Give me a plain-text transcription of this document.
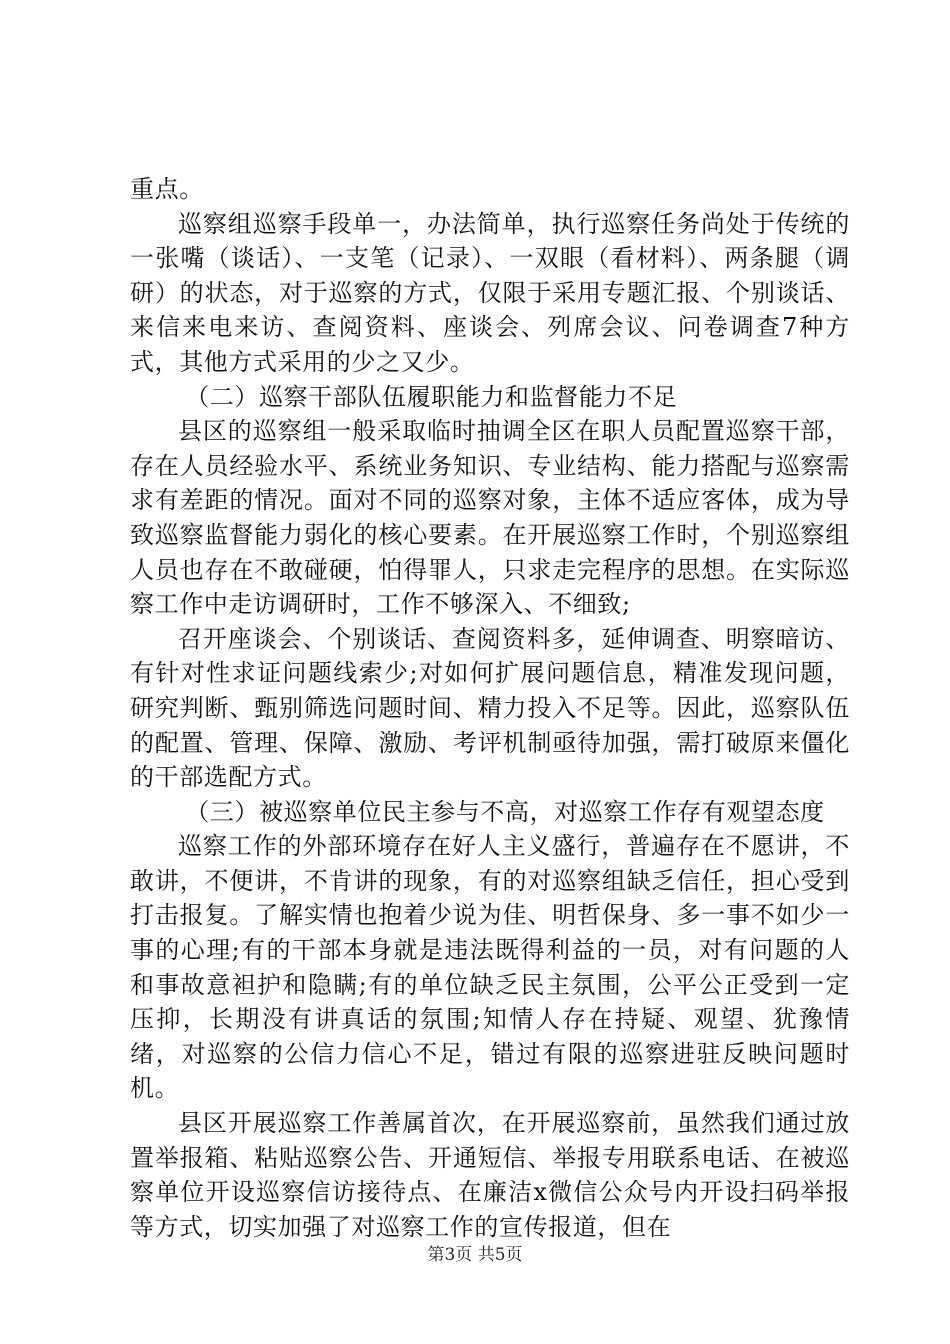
重点。

巡察组巡察手段单一，办法简单，执行巡察任务尚处于传统的一张嘴（谈话）、一支笔（记录）、一双眼（看材料）、两条腿（调研）的状态，对于巡察的方式，仅限于采用专题汇报、个别谈话、来信来电来访、查阅资料、座谈会、列席会议、问卷调查7种方式，其他方式采用的少之又少。

（二）巡察干部队伍履职能力和监督能力不足

县区的巡察组一般采取临时抽调全区在职人员配置巡察干部，存在人员经验水平、系统业务知识、专业结构、能力搭配与巡察需求有差距的情况。面对不同的巡察对象，主体不适应客体，成为导致巡察监督能力弱化的核心要素。在开展巡察工作时，个别巡察组人员也存在不敢碰硬，怕得罪人，只求走完程序的思想。在实际巡察工作中走访调研时，工作不够深入、不细致;

召开座谈会、个别谈话、查阅资料多，延伸调查、明察暗访、有针对性求证问题线索少;对如何扩展问题信息，精准发现问题，研究判断、甄别筛选问题时间、精力投入不足等。因此，巡察队伍的配置、管理、保障、激励、考评机制亟待加强，需打破原来僵化的干部选配方式。

（三）被巡察单位民主参与不高，对巡察工作存有观望态度

巡察工作的外部环境存在好人主义盛行，普遍存在不愿讲，不敢讲，不便讲，不肯讲的现象，有的对巡察组缺乏信任，担心受到打击报复。了解实情也抱着少说为佳、明哲保身、多一事不如少一事的心理;有的干部本身就是违法既得利益的一员，对有问题的人和事故意袒护和隐瞒;有的单位缺乏民主氛围，公平公正受到一定压抑，长期没有讲真话的氛围;知情人存在持疑、观望、犹豫情绪，对巡察的公信力信心不足，错过有限的巡察进驻反映问题时机。

县区开展巡察工作善属首次，在开展巡察前，虽然我们通过放置举报箱、粘贴巡察公告、开通短信、举报专用联系电话、在被巡察单位开设巡察信访接待点、在廉洁x微信公众号内开设扫码举报等方式，切实加强了对巡察工作的宣传报道，但在

第3页 共5页
